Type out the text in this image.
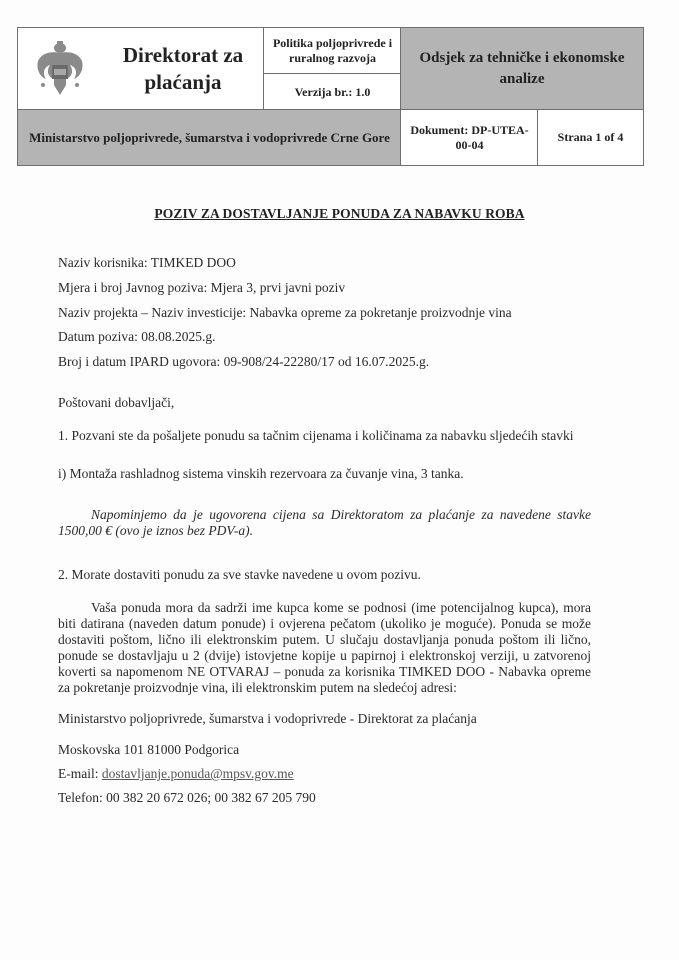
Direktorat za plaćanja
Politika poljoprivrede i ruralnog razvoja
Verzija br.: 1.0
Odsjek za tehničke i ekonomske analize
Ministarstvo poljoprivrede, šumarstva i vodoprivrede Crne Gore	Dokument: DP-UTEA-00-04
Strana 1 of 4
POZIV ZA DOSTAVLJANJE PONUDA ZA NABAVKU ROBA
Naziv korisnika: TIMKED DOO
Mjera i broj Javnog poziva: Mjera 3, prvi javni poziv
Naziv projekta – Naziv investicije: Nabavka opreme za pokretanje proizvodnje vina
Datum poziva: 08.08.2025.g.
Broj i datum IPARD ugovora: 09-908/24-22280/17 od 16.07.2025.g.
Poštovani dobavljači,
1. Pozvani ste da pošaljete ponudu sa tačnim cijenama i količinama za nabavku sljedećih stavki
i) Montaža rashladnog sistema vinskih rezervoara za čuvanje vina, 3 tanka.
Napominjemo da je ugovorena cijena sa Direktoratom za plaćanje za navedene stavke 1500,00 € (ovo je iznos bez PDV-a).
2. Morate dostaviti ponudu za sve stavke navedene u ovom pozivu.
Vaša ponuda mora da sadrži ime kupca kome se podnosi (ime potencijalnog kupca), mora biti datirana (naveden datum ponude) i ovjerena pečatom (ukoliko je moguće). Ponuda se može dostaviti poštom, lično ili elektronskim putem. U slučaju dostavljanja ponuda poštom ili lično, ponude se dostavljaju u 2 (dvije) istovjetne kopije u papirnoj i elektronskoj verziji, u zatvorenoj koverti sa napomenom NE OTVARAJ – ponuda za korisnika TIMKED DOO - Nabavka opreme za pokretanje proizvodnje vina, ili elektronskim putem na sledećoj adresi:
Ministarstvo poljoprivrede, šumarstva i vodoprivrede - Direktorat za plaćanja
Moskovska 101 81000 Podgorica
E-mail: dostavljanje.ponuda@mpsv.gov.me
Telefon: 00 382 20 672 026; 00 382 67 205 790
